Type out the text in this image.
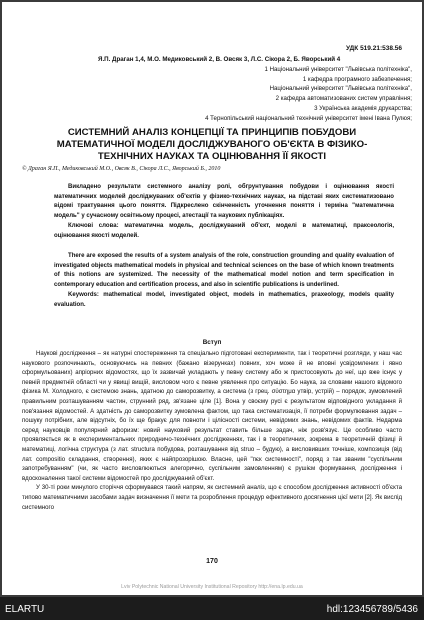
УДК 519.21:538.56
Я.П. Драган 1,4, М.О. Медиковський 2, В. Овсяк 3, Л.С. Сікора 2, Б. Яворський 4
1 Національний університет "Львівська політехніка",
1 кафедра програмного забезпечення;
Національний університет "Львівська політехніка",
2 кафедра автоматизованих систем управління;
3 Українська академія друкарства;
4 Тернопільський національний технічний університет імені Івана Пулюя;
СИСТЕМНИЙ АНАЛІЗ КОНЦЕПЦІЇ ТА ПРИНЦИПІВ ПОБУДОВИ МАТЕМАТИЧНОЇ МОДЕЛІ ДОСЛІДЖУВАНОГО ОБ'ЄКТА В ФІЗИКО-ТЕХНІЧНИХ НАУКАХ ТА ОЦІНЮВАННЯ ЇЇ ЯКОСТІ
© Драган Я.П., Медиковський М.О., Овсяк В., Сікора Л.С., Яворський Б., 2010
Викладено результати системного аналізу ролі, обгрунтування побудови і оцінювання якості математичних моделей досліджуваних об'єктів у фізико-технічних науках, на підставі яких систематизовано відомі трактування цього поняття. Підкреслено скінченність уточнення поняття і терміна "математична модель" у сучасному освітньому процесі, атестації та наукових публікаціях.
Ключові слова: математична модель, досліджуваний об'єкт, моделі в математиці, праксеологія, оцінювання якості моделей.
There are exposed the results of a system analysis of the role, construction grounding and quality evaluation of investigated objects mathematical models in physical and technical sciences on the base of which known treatments of this notions are systemized. The necessity of the mathematical model notion and term specification in contemporary education and certification process, and also in scientific publications is underlined.
Keywords: mathematical model, investigated object, models in mathematics, praxeology, models quality evaluation.
Вступ

Наукові дослідження – як натурні спостереження та спеціально підготовані експерименти, так і теоретичні розгляди, у наш час наукового розпочинають, основуючись на певних (бажано візерунках) повних, хоч може й не вповні усвідомлених і явно сформульованих) апріорних відомостях, що їх зазвичай укладають у певну систему або ж пристосовують до неї, що вже існує у певній предметній області чи у явищі вищій, висловом чого є певне уявлення про ситуацію. Бо наука, за словами нашого відомого фізика М. Холодного, є системою знань, здатною до саморозвитку, а система (з грец. σύστημα утвір, устрій) – порядок, зумовлений правильним розташуванням частин, струнний ряд, зв'язане ціле [1]. Вона у своєму русі є результатом відповідного укладання й пов'язання відомостей. А здатність до саморозвитку зумовлена фактом, що така систематизація, її потреби формулювання задач – пошуку потрібних, але відсутніх, бо їх ще бракує для повноти і цілісності системи, невідомих знань, невідомих фактів. Недарма серед науковців популярний афоризм: новий науковий результат ставить більше задач, ніж розв'язує. Це особливо часто проявляється як в експериментальних природничо-технічних дослідженнях, так і в теоретичних, зокрема в теоретичній фізиці й математиці, логічна структура (з лат. structura побудова, розташування від struo – будую), а висловивших точніше, композиція (від лат. compositio складання, створення), яких є найпрозорішою. Власне, цей "пєк системності", поряд з так званим "суспільним запотребуванням" (чи, як часто висловлюються алегорично, суспільним замовленням) є рушієм формування, дослідження і вдосконалення такої системи відомостей про досліджуваний об'єкт.

У 30-ті роки минулого сторіччя сформувався такий напрям, як системний аналіз, що є способом дослідження активності об'єкта типово математичними засобами задач визначення її мети та розроблення процедур ефективного досягнення цієї мети [2]. Як вислід системного

170
Lviv Polytechnic National University Institutional Repository http://ena.lp.edu.ua
ELARTU	hdl:123456789/5436
